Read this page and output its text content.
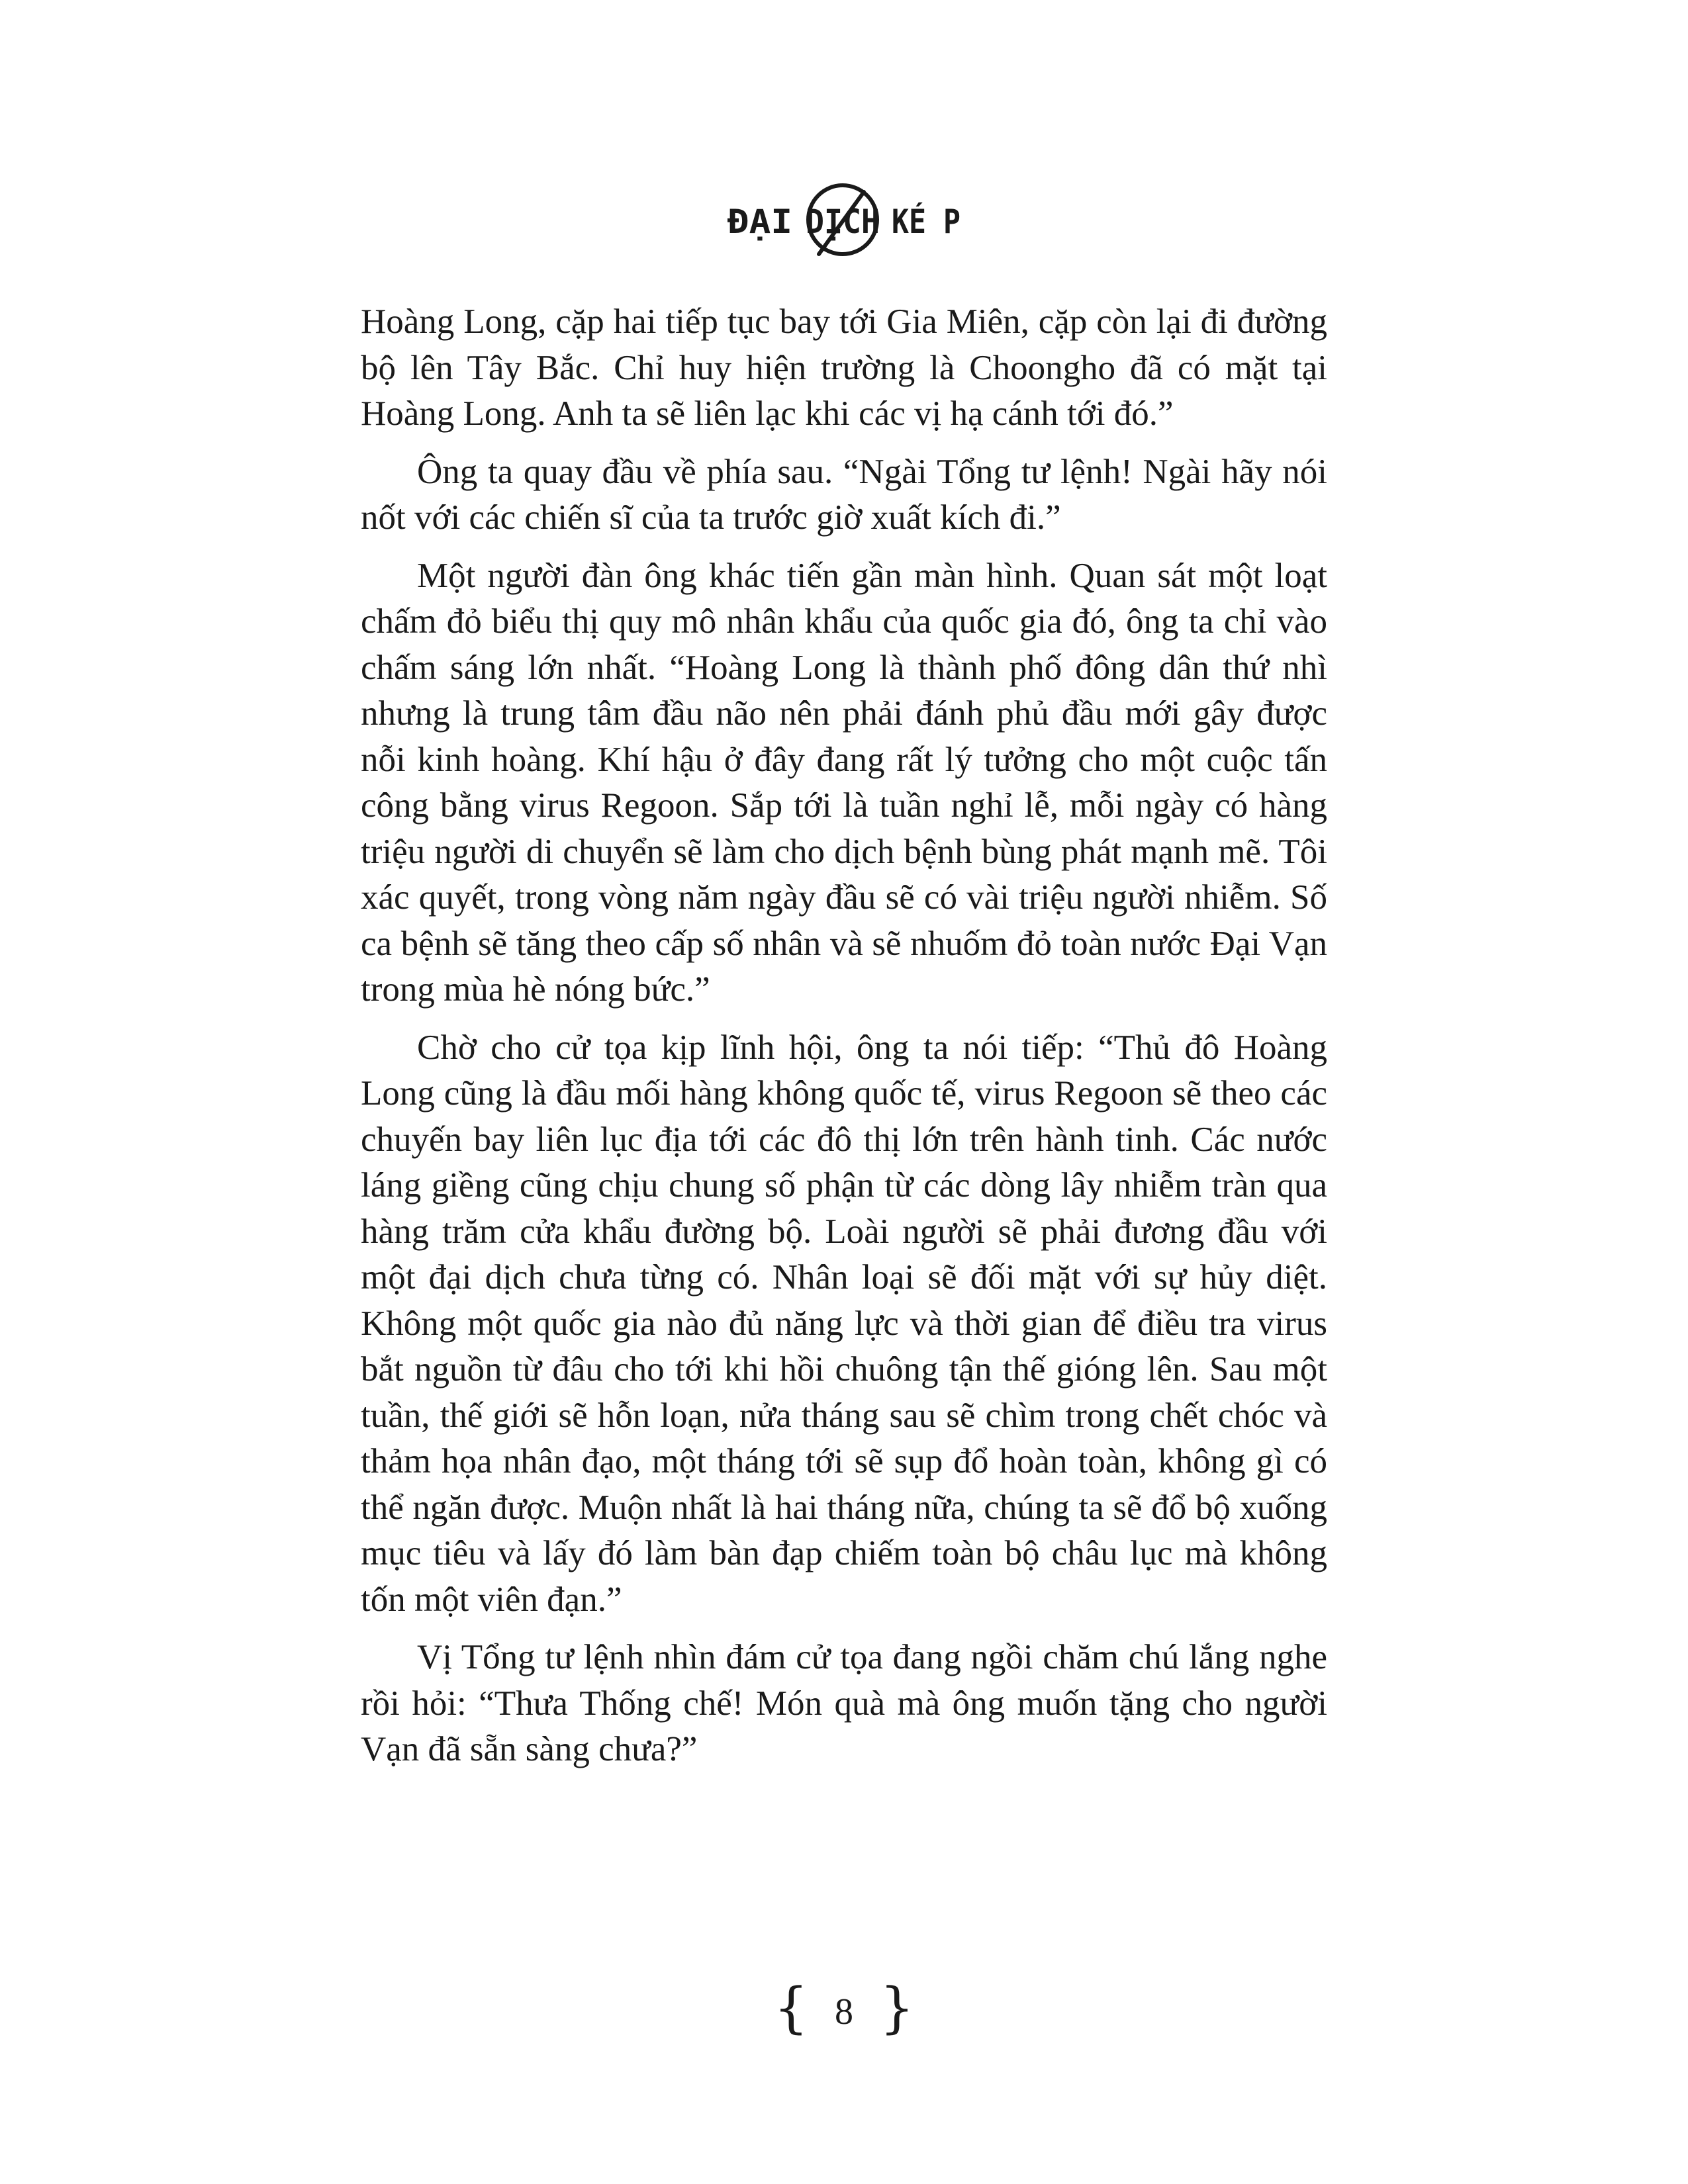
ĐẠI DỊCH KÉ P

Hoàng Long, cặp hai tiếp tục bay tới Gia Miên, cặp còn lại đi đường bộ lên Tây Bắc. Chỉ huy hiện trường là Choongho đã có mặt tại Hoàng Long. Anh ta sẽ liên lạc khi các vị hạ cánh tới đó.”

Ông ta quay đầu về phía sau. “Ngài Tổng tư lệnh! Ngài hãy nói nốt với các chiến sĩ của ta trước giờ xuất kích đi.”

Một người đàn ông khác tiến gần màn hình. Quan sát một loạt chấm đỏ biểu thị quy mô nhân khẩu của quốc gia đó, ông ta chỉ vào chấm sáng lớn nhất. “Hoàng Long là thành phố đông dân thứ nhì nhưng là trung tâm đầu não nên phải đánh phủ đầu mới gây được nỗi kinh hoàng. Khí hậu ở đây đang rất lý tưởng cho một cuộc tấn công bằng virus Regoon. Sắp tới là tuần nghỉ lễ, mỗi ngày có hàng triệu người di chuyển sẽ làm cho dịch bệnh bùng phát mạnh mẽ. Tôi xác quyết, trong vòng năm ngày đầu sẽ có vài triệu người nhiễm. Số ca bệnh sẽ tăng theo cấp số nhân và sẽ nhuốm đỏ toàn nước Đại Vạn trong mùa hè nóng bức.”

Chờ cho cử tọa kịp lĩnh hội, ông ta nói tiếp: “Thủ đô Hoàng Long cũng là đầu mối hàng không quốc tế, virus Regoon sẽ theo các chuyến bay liên lục địa tới các đô thị lớn trên hành tinh. Các nước láng giềng cũng chịu chung số phận từ các dòng lây nhiễm tràn qua hàng trăm cửa khẩu đường bộ. Loài người sẽ phải đương đầu với một đại dịch chưa từng có. Nhân loại sẽ đối mặt với sự hủy diệt. Không một quốc gia nào đủ năng lực và thời gian để điều tra virus bắt nguồn từ đâu cho tới khi hồi chuông tận thế gióng lên. Sau một tuần, thế giới sẽ hỗn loạn, nửa tháng sau sẽ chìm trong chết chóc và thảm họa nhân đạo, một tháng tới sẽ sụp đổ hoàn toàn, không gì có thể ngăn được. Muộn nhất là hai tháng nữa, chúng ta sẽ đổ bộ xuống mục tiêu và lấy đó làm bàn đạp chiếm toàn bộ châu lục mà không tốn một viên đạn.”

Vị Tổng tư lệnh nhìn đám cử tọa đang ngồi chăm chú lắng nghe rồi hỏi: “Thưa Thống chế! Món quà mà ông muốn tặng cho người Vạn đã sẵn sàng chưa?”

{ 8 }
